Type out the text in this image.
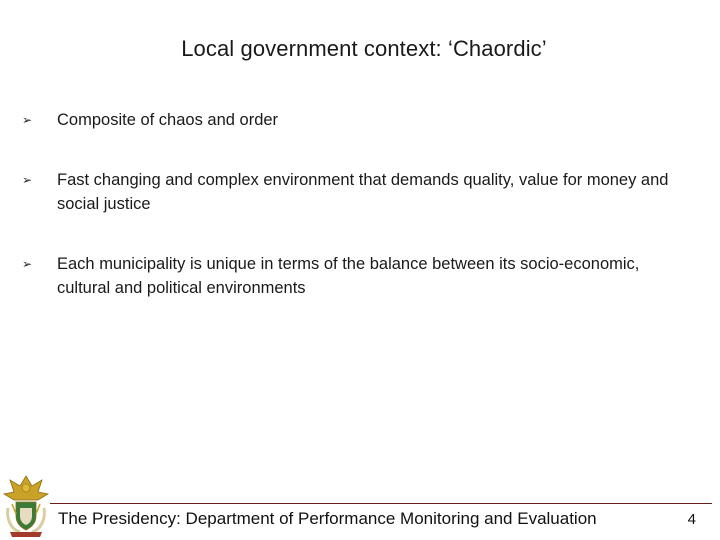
Local government context: ‘Chaordic’
➢	Composite of chaos and order
➢	Fast changing and complex environment that demands quality, value for money and social justice
➢	Each municipality is unique in terms of the balance between its socio-economic, cultural and political environments
The Presidency: Department of Performance Monitoring and Evaluation	4
